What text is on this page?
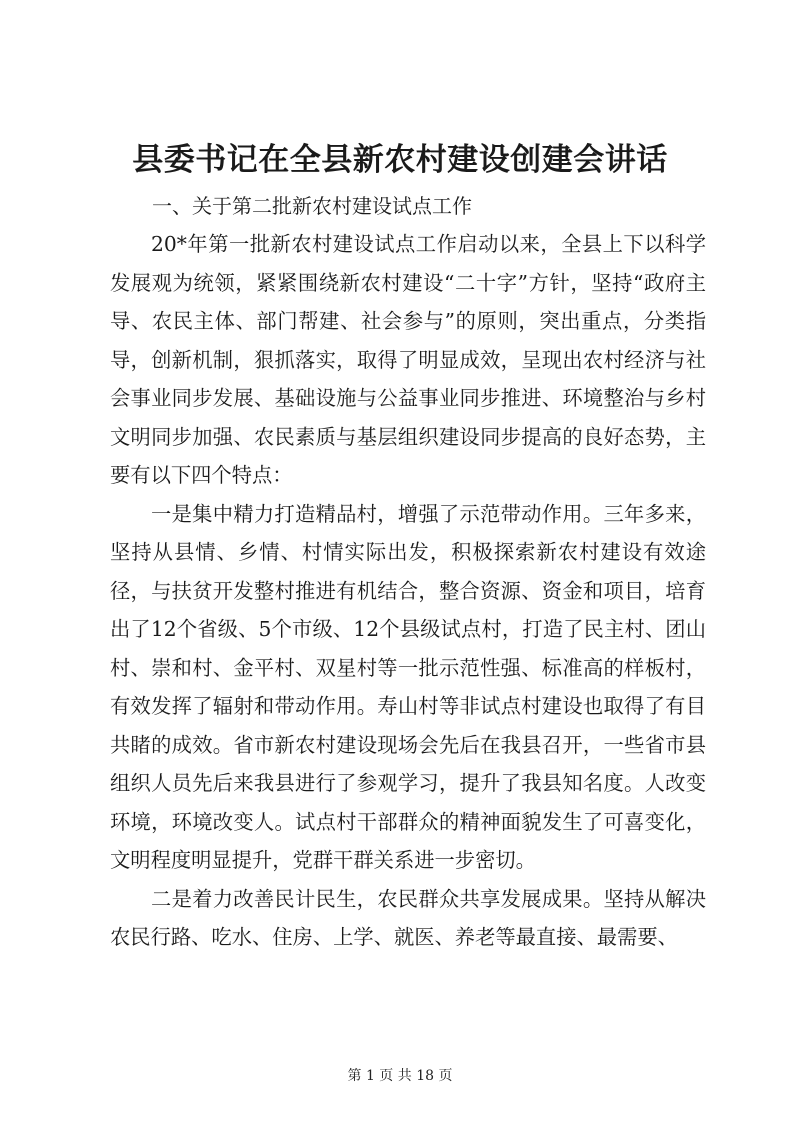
县委书记在全县新农村建设创建会讲话

一、关于第二批新农村建设试点工作

20*年第一批新农村建设试点工作启动以来，全县上下以科学发展观为统领，紧紧围绕新农村建设“二十字”方针，坚持“政府主导、农民主体、部门帮建、社会参与”的原则，突出重点，分类指导，创新机制，狠抓落实，取得了明显成效，呈现出农村经济与社会事业同步发展、基础设施与公益事业同步推进、环境整治与乡村文明同步加强、农民素质与基层组织建设同步提高的良好态势，主要有以下四个特点：

一是集中精力打造精品村，增强了示范带动作用。三年多来，坚持从县情、乡情、村情实际出发，积极探索新农村建设有效途径，与扶贫开发整村推进有机结合，整合资源、资金和项目，培育出了12个省级、5个市级、12个县级试点村，打造了民主村、团山村、崇和村、金平村、双星村等一批示范性强、标准高的样板村，有效发挥了辐射和带动作用。寿山村等非试点村建设也取得了有目共睹的成效。省市新农村建设现场会先后在我县召开，一些省市县组织人员先后来我县进行了参观学习，提升了我县知名度。人改变环境，环境改变人。试点村干部群众的精神面貌发生了可喜变化，文明程度明显提升，党群干群关系进一步密切。

二是着力改善民计民生，农民群众共享发展成果。坚持从解决农民行路、吃水、住房、上学、就医、养老等最直接、最需要、

第 1 页 共 18 页
